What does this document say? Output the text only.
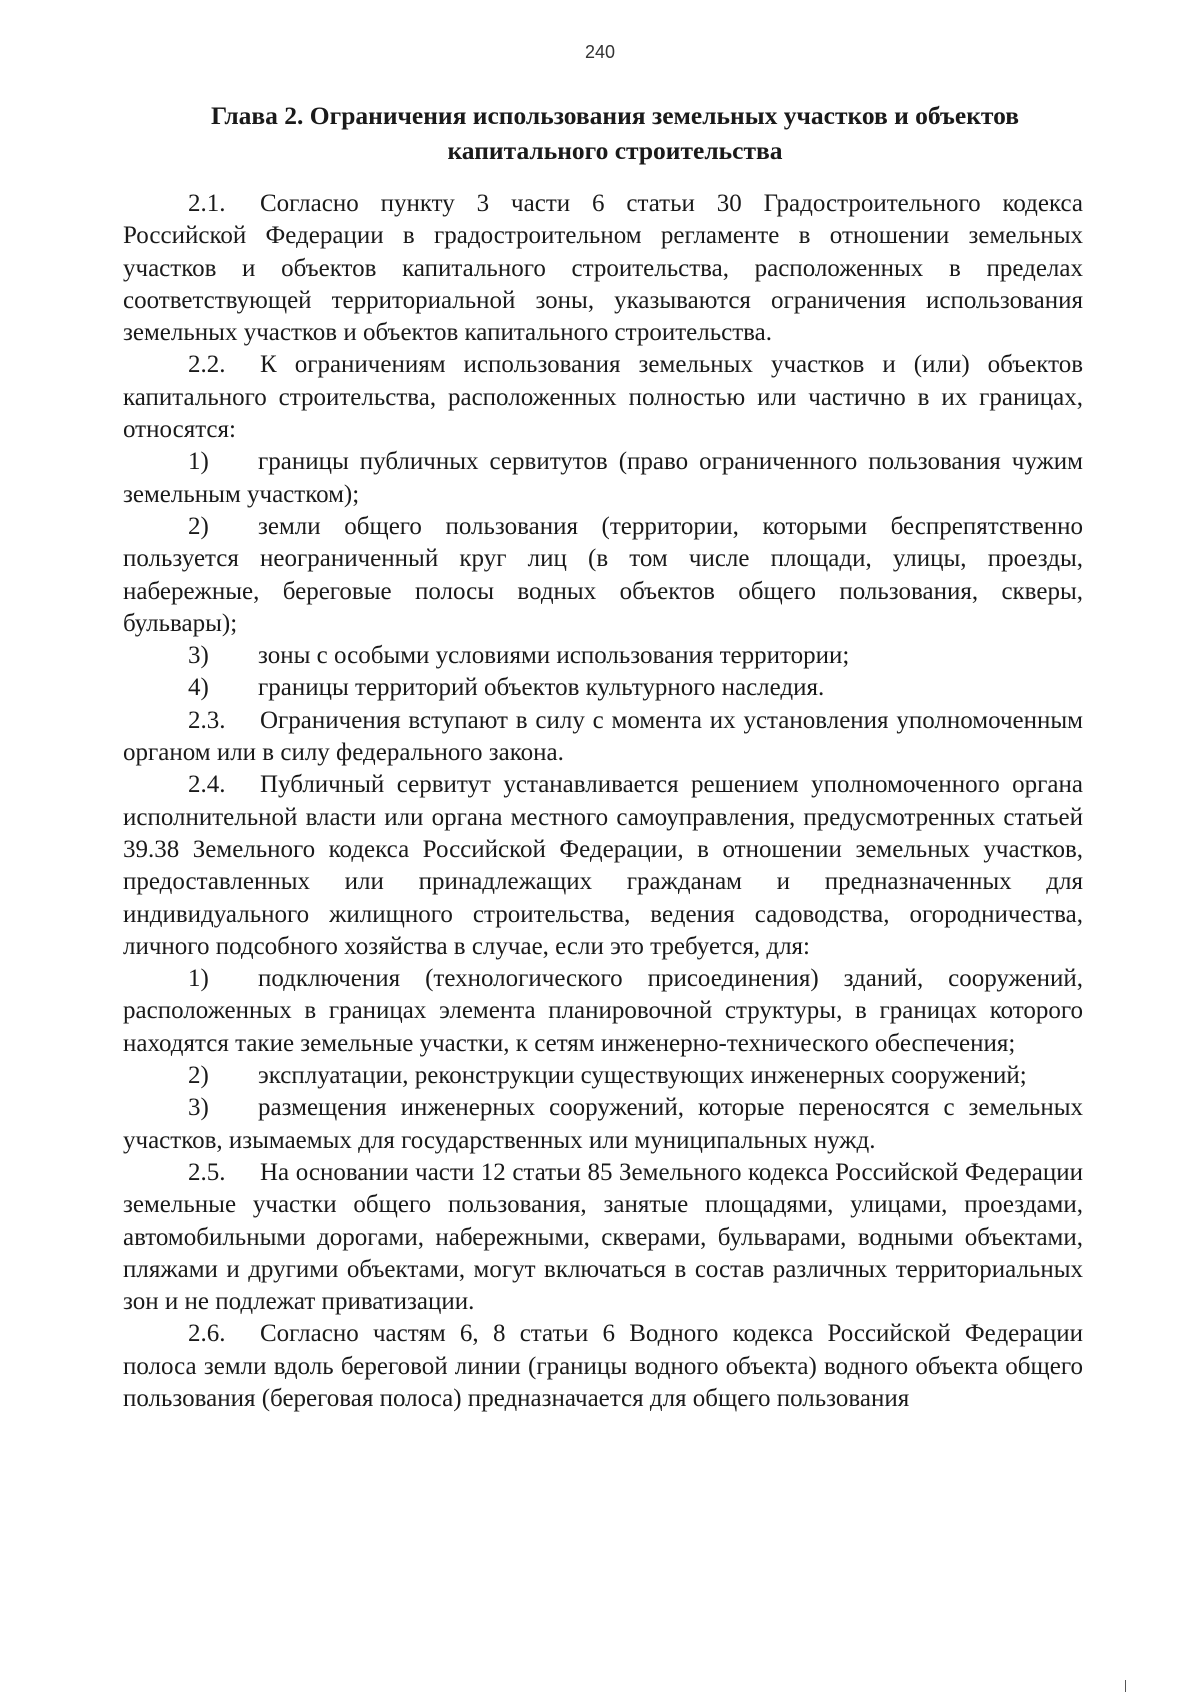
240
Глава 2. Ограничения использования земельных участков и объектов
капитального строительства

2.1. Согласно пункту 3 части 6 статьи 30 Градостроительного кодекса Российской Федерации в градостроительном регламенте в отношении земельных участков и объектов капитального строительства, расположенных в пределах соответствующей территориальной зоны, указываются ограничения использования земельных участков и объектов капитального строительства.

2.2. К ограничениям использования земельных участков и (или) объектов капитального строительства, расположенных полностью или частично в их границах, относятся:

1) границы публичных сервитутов (право ограниченного пользования чужим земельным участком);

2) земли общего пользования (территории, которыми беспрепятственно пользуется неограниченный круг лиц (в том числе площади, улицы, проезды, набережные, береговые полосы водных объектов общего пользования, скверы, бульвары);

3) зоны с особыми условиями использования территории;

4) границы территорий объектов культурного наследия.

2.3. Ограничения вступают в силу с момента их установления уполномоченным органом или в силу федерального закона.

2.4. Публичный сервитут устанавливается решением уполномоченного органа исполнительной власти или органа местного самоуправления, предусмотренных статьей 39.38 Земельного кодекса Российской Федерации, в отношении земельных участков, предоставленных или принадлежащих гражданам и предназначенных для индивидуального жилищного строительства, ведения садоводства, огородничества, личного подсобного хозяйства в случае, если это требуется, для:

1) подключения (технологического присоединения) зданий, сооружений, расположенных в границах элемента планировочной структуры, в границах которого находятся такие земельные участки, к сетям инженерно-технического обеспечения;

2) эксплуатации, реконструкции существующих инженерных сооружений;

3) размещения инженерных сооружений, которые переносятся с земельных участков, изымаемых для государственных или муниципальных нужд.

2.5. На основании части 12 статьи 85 Земельного кодекса Российской Федерации земельные участки общего пользования, занятые площадями, улицами, проездами, автомобильными дорогами, набережными, скверами, бульварами, водными объектами, пляжами и другими объектами, могут включаться в состав различных территориальных зон и не подлежат приватизации.

2.6. Согласно частям 6, 8 статьи 6 Водного кодекса Российской Федерации полоса земли вдоль береговой линии (границы водного объекта) водного объекта общего пользования (береговая полоса) предназначается для общего пользования
